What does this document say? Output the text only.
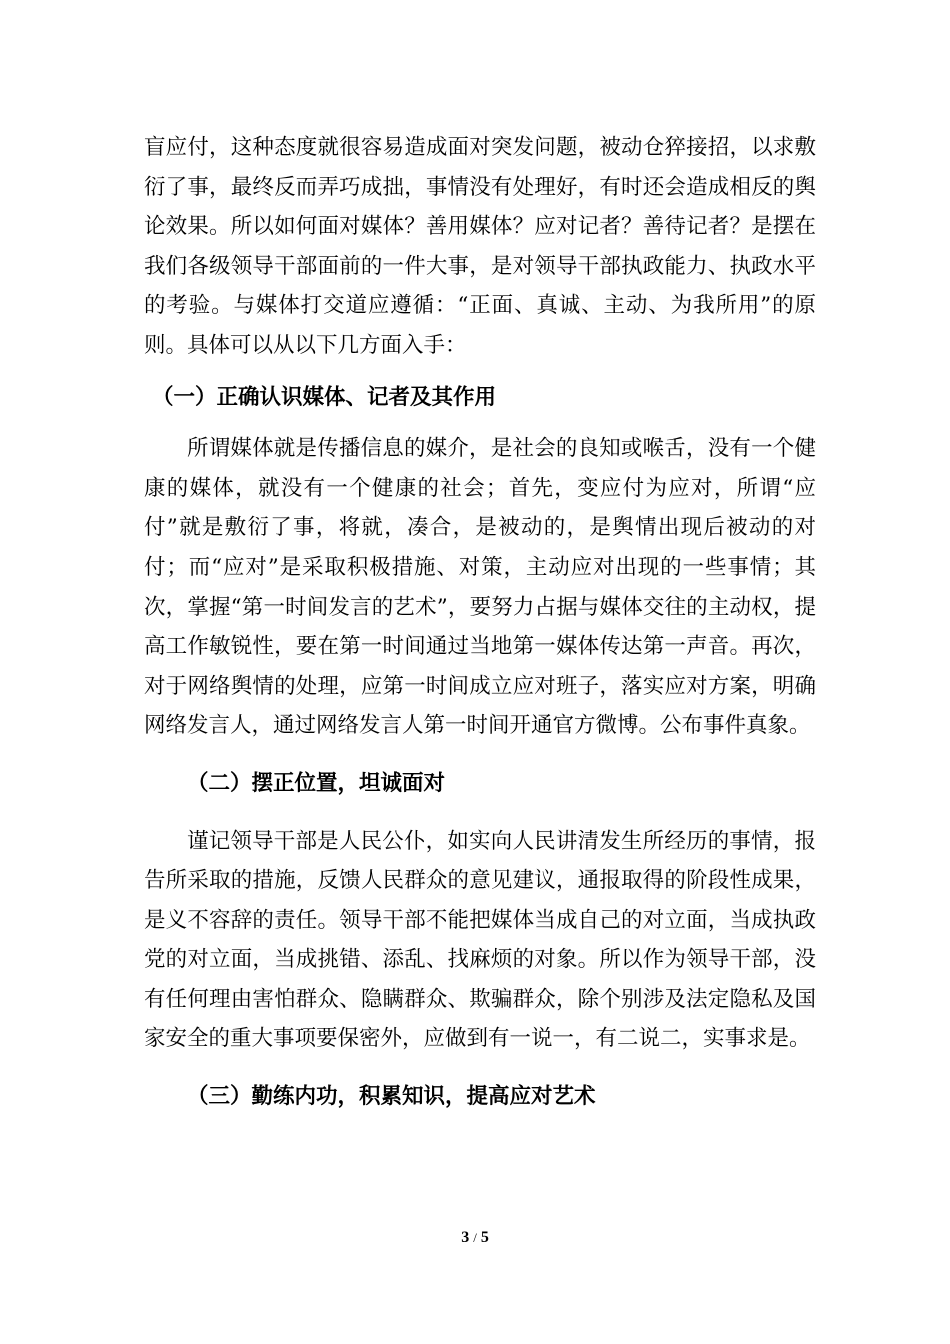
盲应付，这种态度就很容易造成面对突发问题，被动仓猝接招，以求敷衍了事，最终反而弄巧成拙，事情没有处理好，有时还会造成相反的舆论效果。所以如何面对媒体？善用媒体？应对记者？善待记者？是摆在我们各级领导干部面前的一件大事，是对领导干部执政能力、执政水平的考验。与媒体打交道应遵循：“正面、真诚、主动、为我所用”的原则。具体可以从以下几方面入手：

（一）正确认识媒体、记者及其作用

所谓媒体就是传播信息的媒介，是社会的良知或喉舌，没有一个健康的媒体，就没有一个健康的社会；首先，变应付为应对，所谓“应付”就是敷衍了事，将就，凑合，是被动的，是舆情出现后被动的对付；而“应对”是采取积极措施、对策，主动应对出现的一些事情；其次，掌握“第一时间发言的艺术”，要努力占据与媒体交往的主动权，提高工作敏锐性，要在第一时间通过当地第一媒体传达第一声音。再次，对于网络舆情的处理，应第一时间成立应对班子，落实应对方案，明确网络发言人，通过网络发言人第一时间开通官方微博。公布事件真象。

（二）摆正位置，坦诚面对

谨记领导干部是人民公仆，如实向人民讲清发生所经历的事情，报告所采取的措施，反馈人民群众的意见建议，通报取得的阶段性成果，是义不容辞的责任。领导干部不能把媒体当成自己的对立面，当成执政党的对立面，当成挑错、添乱、找麻烦的对象。所以作为领导干部，没有任何理由害怕群众、隐瞒群众、欺骗群众，除个别涉及法定隐私及国家安全的重大事项要保密外，应做到有一说一，有二说二，实事求是。

（三）勤练内功，积累知识，提高应对艺术

3 / 5
